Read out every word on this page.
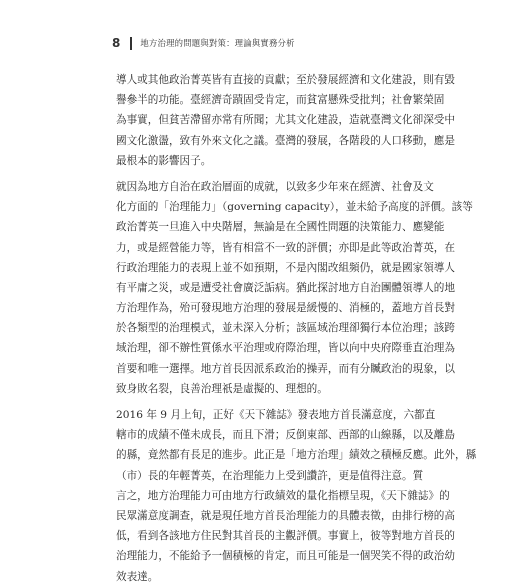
8 地方治理的問題與對策：理論與實務分析
導人或其他政治菁英皆有直接的貢獻；至於發展經濟和文化建設，則有毀
譽參半的功能。臺經濟奇蹟固受肯定，而貧富懸殊受批判；社會繁榮固
為事實，但貧苦滯留亦常有所聞；尤其文化建設，造就臺灣文化卻深受中
國文化激盪，致有外來文化之議。臺灣的發展，各階段的人口移動，應是
最根本的影響因子。
就因為地方自治在政治層面的成就，以致多少年來在經濟、社會及文
化方面的「治理能力」（governing capacity），並未給予高度的評價。該等
政治菁英一旦進入中央階層，無論是在全國性問題的決策能力、應變能
力，或是經營能力等，皆有相當不一致的評價；亦即是此等政治菁英，在
行政治理能力的表現上並不如預期，不是內閣改組頻仍，就是國家領導人
有平庸之災，或是遭受社會廣泛詬病。猶此探討地方自治團體領導人的地
方治理作為，殆可發現地方治理的發展是緩慢的、消極的，蓋地方首長對
於各類型的治理模式，並未深入分析；該區域治理卻獨行本位治理；該跨
域治理，卻不辦性質係水平治理或府際治理，皆以向中央府際垂直治理為
首要和唯一選擇。地方首長因派系政治的操弄，而有分贓政治的現象，以
致身敗名裂，良善治理祇是虛擬的、理想的。
2016 年 9 月上旬，正好《天下雜誌》發表地方首長滿意度，六都直
轄市的成績不僅未成長，而且下滑；反倒東部、西部的山線縣，以及離島
的縣，竟然都有長足的進步。此正是「地方治理」績效之積極反應。此外，縣
（市）長的年輕菁英，在治理能力上受到讚許，更是值得注意。質
言之，地方治理能力可由地方行政績效的量化指標呈現，《天下雜誌》的
民眾滿意度調查，就是現任地方首長治理能力的具體表徵，由排行榜的高
低，看到各該地方住民對其首長的主觀評價。事實上，彼等對地方首長的
治理能力，不能給予一個積極的肯定，而且可能是一個哭笑不得的政治幼
效表達。
